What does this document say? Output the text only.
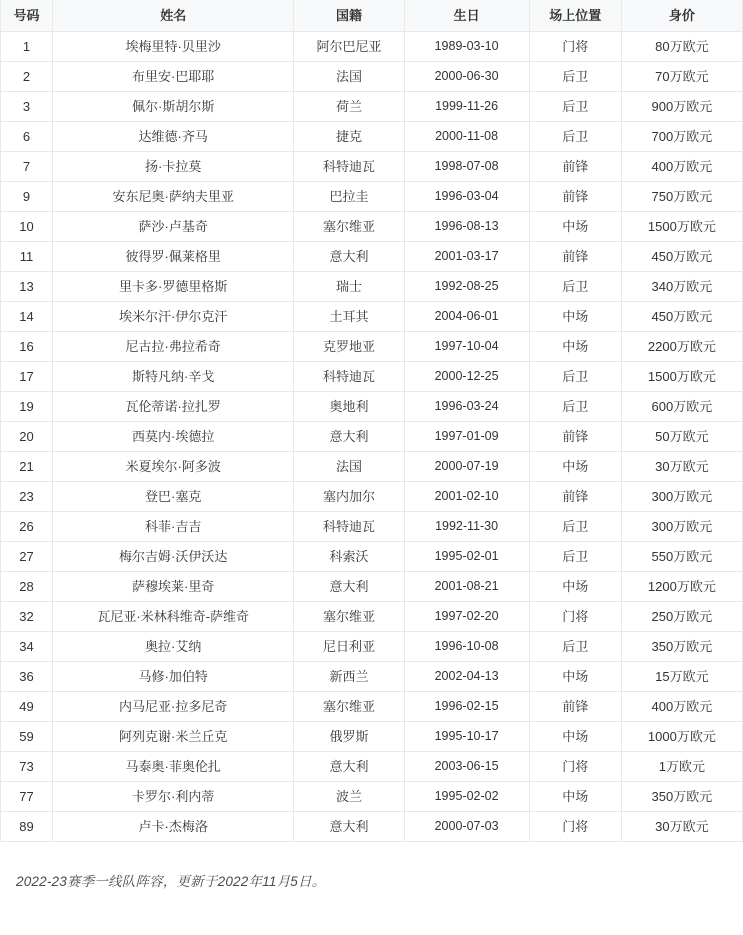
号码	姓名	国籍	生日	场上位置	身价
1	埃梅里特·贝里沙	阿尔巴尼亚	1989-03-10	门将	80万欧元
2	布里安·巴耶耶	法国	2000-06-30	后卫	70万欧元
3	佩尔·斯胡尔斯	荷兰	1999-11-26	后卫	900万欧元
6	达维德·齐马	捷克	2000-11-08	后卫	700万欧元
7	扬·卡拉莫	科特迪瓦	1998-07-08	前锋	400万欧元
9	安东尼奥·萨纳夫里亚	巴拉圭	1996-03-04	前锋	750万欧元
10	萨沙·卢基奇	塞尔维亚	1996-08-13	中场	1500万欧元
11	彼得罗·佩莱格里	意大利	2001-03-17	前锋	450万欧元
13	里卡多·罗德里格斯	瑞士	1992-08-25	后卫	340万欧元
14	埃米尔汗·伊尔克汗	土耳其	2004-06-01	中场	450万欧元
16	尼古拉·弗拉希奇	克罗地亚	1997-10-04	中场	2200万欧元
17	斯特凡纳·辛戈	科特迪瓦	2000-12-25	后卫	1500万欧元
19	瓦伦蒂诺·拉扎罗	奥地利	1996-03-24	后卫	600万欧元
20	西莫内·埃德拉	意大利	1997-01-09	前锋	50万欧元
21	米夏埃尔·阿多波	法国	2000-07-19	中场	30万欧元
23	登巴·塞克	塞内加尔	2001-02-10	前锋	300万欧元
26	科菲·吉吉	科特迪瓦	1992-11-30	后卫	300万欧元
27	梅尔吉姆·沃伊沃达	科索沃	1995-02-01	后卫	550万欧元
28	萨穆埃莱·里奇	意大利	2001-08-21	中场	1200万欧元
32	瓦尼亚·米林科维奇-萨维奇	塞尔维亚	1997-02-20	门将	250万欧元
34	奥拉·艾纳	尼日利亚	1996-10-08	后卫	350万欧元
36	马修·加伯特	新西兰	2002-04-13	中场	15万欧元
49	内马尼亚·拉多尼奇	塞尔维亚	1996-02-15	前锋	400万欧元
59	阿列克谢·米兰丘克	俄罗斯	1995-10-17	中场	1000万欧元
73	马泰奥·菲奥伦扎	意大利	2003-06-15	门将	1万欧元
77	卡罗尔·利内蒂	波兰	1995-02-02	中场	350万欧元
89	卢卡·杰梅洛	意大利	2000-07-03	门将	30万欧元

2022-23赛季一线队阵容，更新于2022年11月5日。
